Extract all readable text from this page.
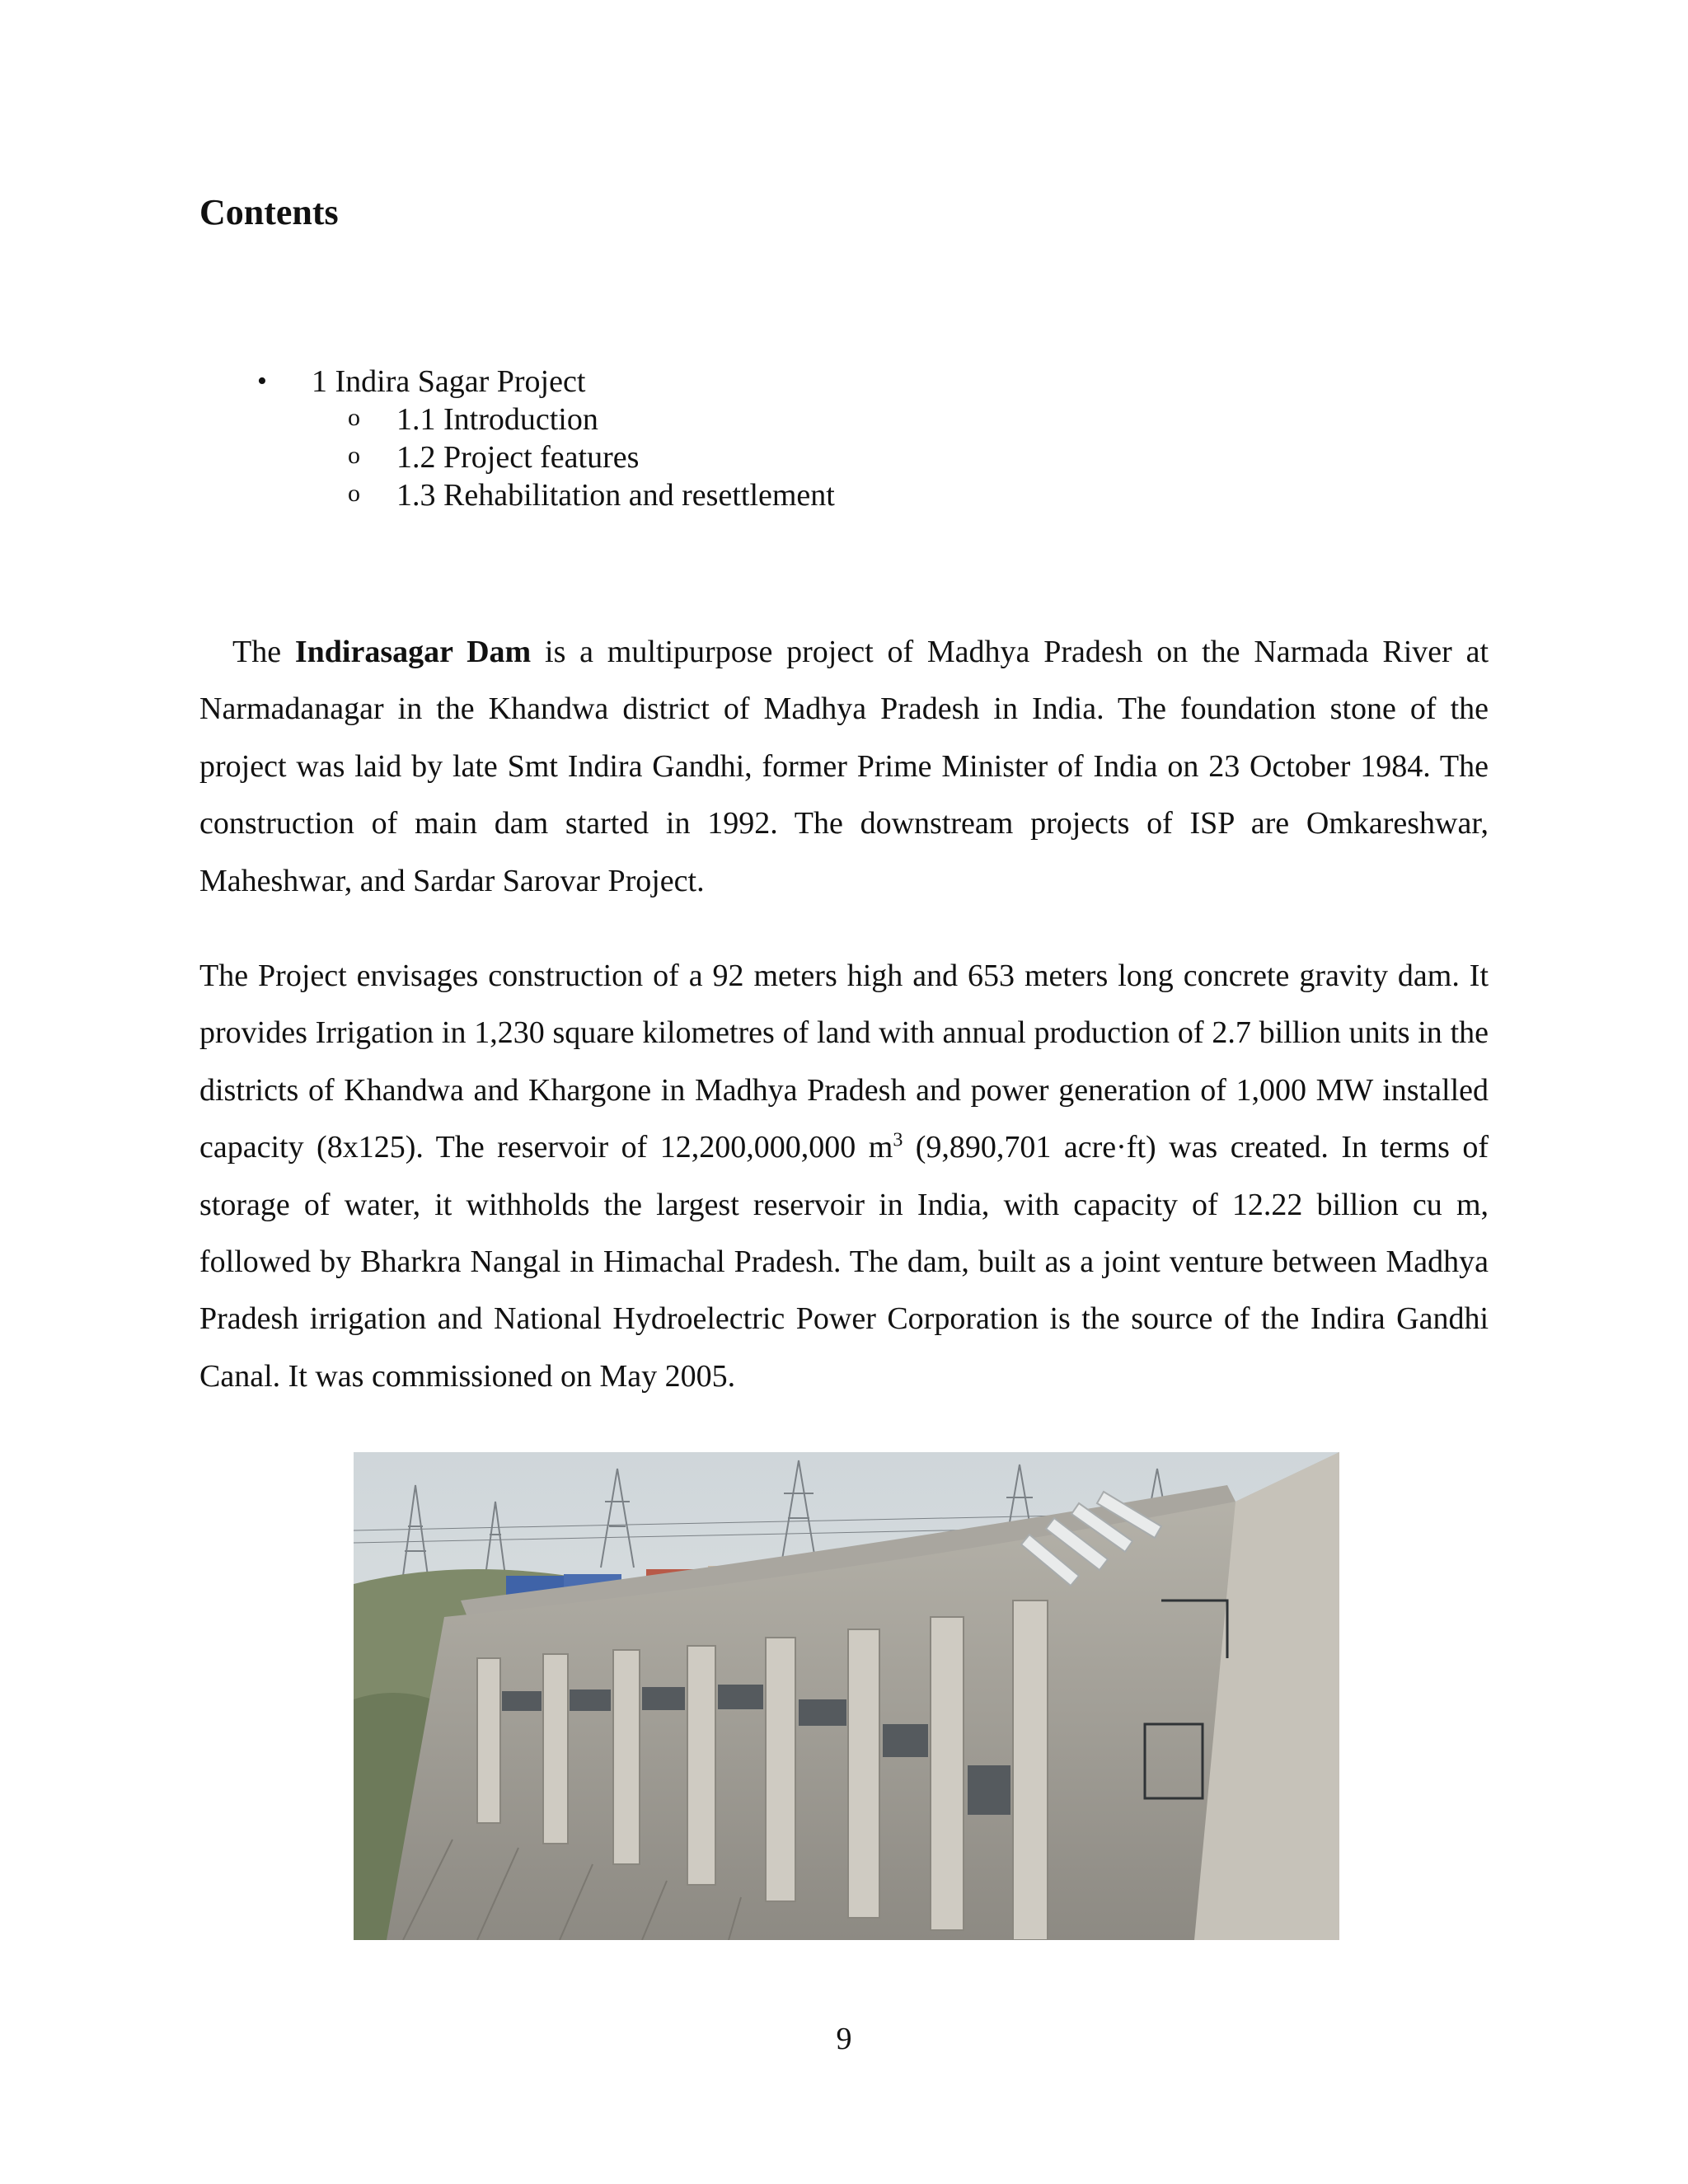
Contents
• 1 Indira Sagar Project
o 1.1 Introduction
o 1.2 Project features
o 1.3 Rehabilitation and resettlement

The Indirasagar Dam is a multipurpose project of Madhya Pradesh on the Narmada River at Narmadanagar in the Khandwa district of Madhya Pradesh in India. The foundation stone of the project was laid by late Smt Indira Gandhi, former Prime Minister of India on 23 October 1984. The construction of main dam started in 1992. The downstream projects of ISP are Omkareshwar, Maheshwar, and Sardar Sarovar Project.

The Project envisages construction of a 92 meters high and 653 meters long concrete gravity dam. It provides Irrigation in 1,230 square kilometres of land with annual production of 2.7 billion units in the districts of Khandwa and Khargone in Madhya Pradesh and power generation of 1,000 MW installed capacity (8x125). The reservoir of 12,200,000,000 $m^3$ (9,890,701 acre·ft) was created. In terms of storage of water, it withholds the largest reservoir in India, with capacity of 12.22 billion cu m, followed by Bharkra Nangal in Himachal Pradesh. The dam, built as a joint venture between Madhya Pradesh irrigation and National Hydroelectric Power Corporation is the source of the Indira Gandhi Canal. It was commissioned on May 2005.

9
